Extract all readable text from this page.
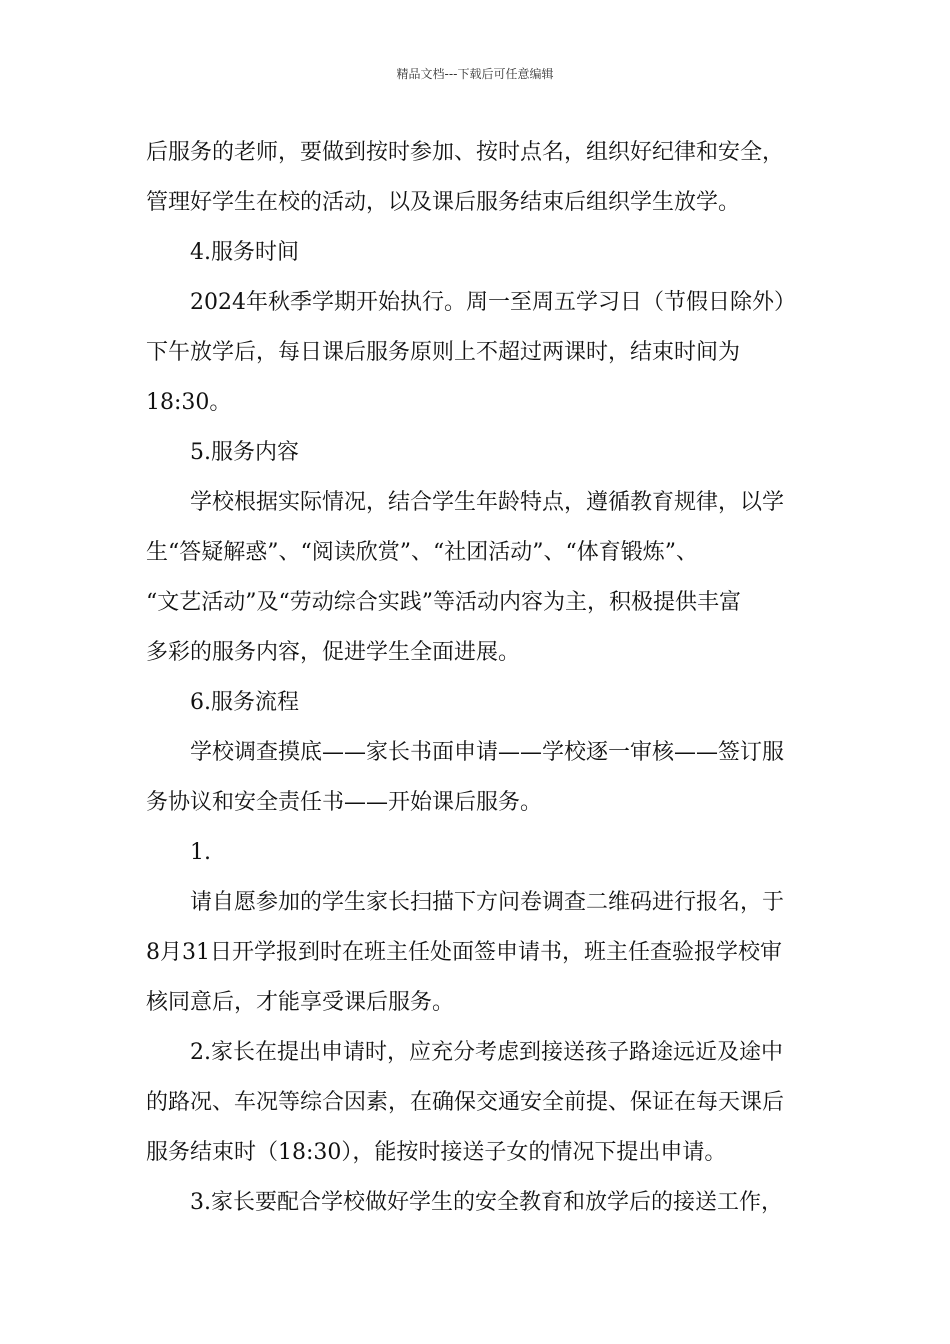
精品文档---下载后可任意编辑
后服务的老师，要做到按时参加、按时点名，组织好纪律和安全，
管理好学生在校的活动，以及课后服务结束后组织学生放学。
4.服务时间
2024年秋季学期开始执行。周一至周五学习日（节假日除外）
下午放学后，每日课后服务原则上不超过两课时，结束时间为
18:30。
5.服务内容
学校根据实际情况，结合学生年龄特点，遵循教育规律，以学
生“答疑解惑”、“阅读欣赏”、“社团活动”、“体育锻炼”、
“文艺活动”及“劳动综合实践”等活动内容为主，积极提供丰富
多彩的服务内容，促进学生全面进展。
6.服务流程
学校调查摸底——家长书面申请——学校逐一审核——签订服
务协议和安全责任书——开始课后服务。
1.
请自愿参加的学生家长扫描下方问卷调查二维码进行报名，于
8月31日开学报到时在班主任处面签申请书，班主任查验报学校审
核同意后，才能享受课后服务。
2.家长在提出申请时，应充分考虑到接送孩子路途远近及途中
的路况、车况等综合因素，在确保交通安全前提、保证在每天课后
服务结束时（18:30），能按时接送子女的情况下提出申请。
3.家长要配合学校做好学生的安全教育和放学后的接送工作，
